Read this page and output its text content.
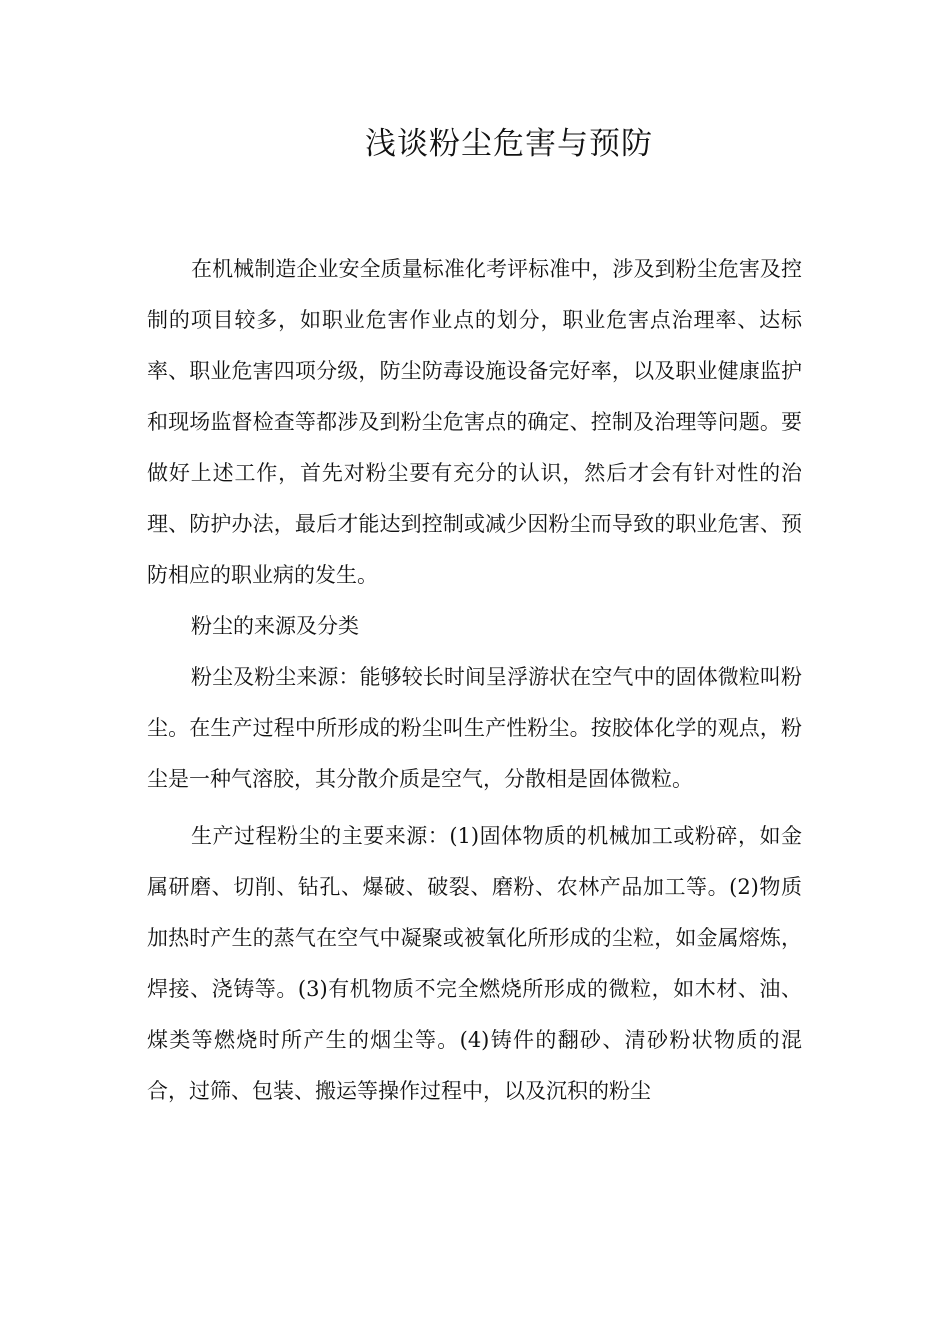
浅谈粉尘危害与预防

在机械制造企业安全质量标准化考评标准中，涉及到粉尘危害及控制的项目较多，如职业危害作业点的划分，职业危害点治理率、达标率、职业危害四项分级，防尘防毒设施设备完好率，以及职业健康监护和现场监督检查等都涉及到粉尘危害点的确定、控制及治理等问题。要做好上述工作，首先对粉尘要有充分的认识，然后才会有针对性的治理、防护办法，最后才能达到控制或减少因粉尘而导致的职业危害、预防相应的职业病的发生。

粉尘的来源及分类

粉尘及粉尘来源：能够较长时间呈浮游状在空气中的固体微粒叫粉尘。在生产过程中所形成的粉尘叫生产性粉尘。按胶体化学的观点，粉尘是一种气溶胶，其分散介质是空气，分散相是固体微粒。

生产过程粉尘的主要来源：(1)固体物质的机械加工或粉碎，如金属研磨、切削、钻孔、爆破、破裂、磨粉、农林产品加工等。(2)物质加热时产生的蒸气在空气中凝聚或被氧化所形成的尘粒，如金属熔炼，焊接、浇铸等。(3)有机物质不完全燃烧所形成的微粒，如木材、油、煤类等燃烧时所产生的烟尘等。(4)铸件的翻砂、清砂粉状物质的混合，过筛、包装、搬运等操作过程中，以及沉积的粉尘
